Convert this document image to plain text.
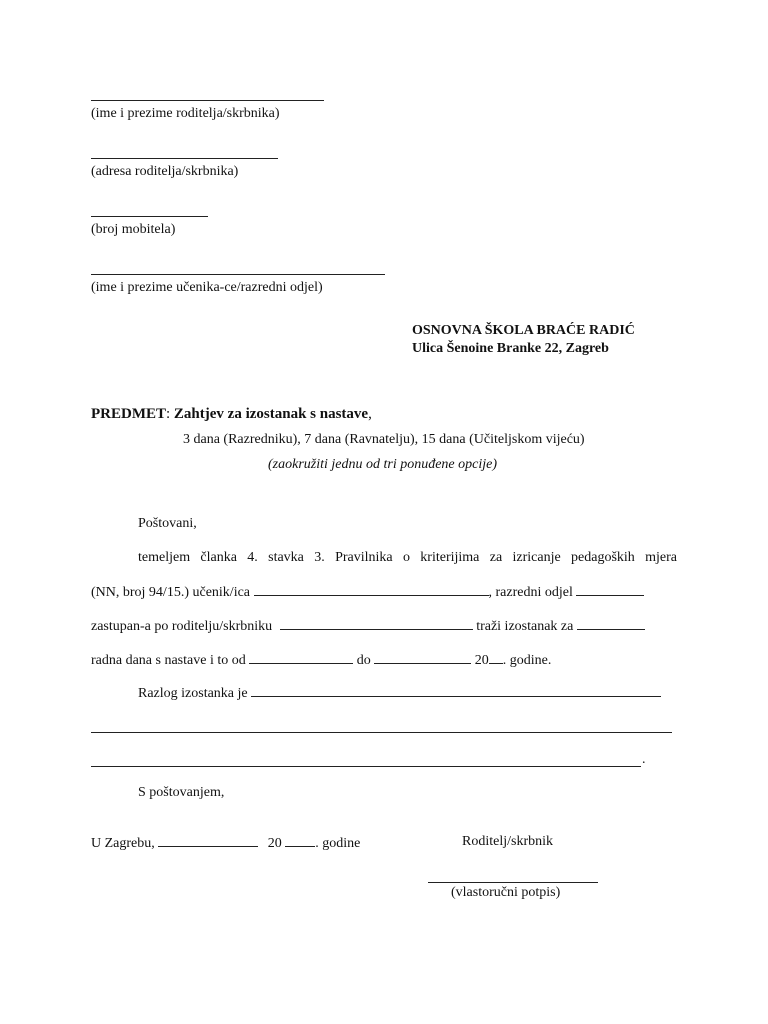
(ime i prezime roditelja/skrbnika)
(adresa roditelja/skrbnika)
(broj mobitela)
(ime i prezime učenika-ce/razredni odjel)
OSNOVNA ŠKOLA BRAĆE RADIĆ
Ulica Šenoine Branke 22, Zagreb
PREDMET: Zahtjev za izostanak s nastave,
3 dana (Razredniku), 7 dana (Ravnatelju), 15 dana (Učiteljskom vijeću)
(zaokružiti jednu od tri ponuđene opcije)
Poštovani,
temeljem članka 4. stavka 3. Pravilnika o kriterijima za izricanje pedagoških mjera
(NN, broj 94/15.) učenik/ica	, razredni odjel
zastupan-a po roditelju/skrbniku	traži izostanak za
radna dana s nastave i to od	do	20 . godine.
Razlog izostanka je
.
S poštovanjem,
U Zagrebu,	20 . godine	Roditelj/skrbnik
(vlastoručni potpis)
